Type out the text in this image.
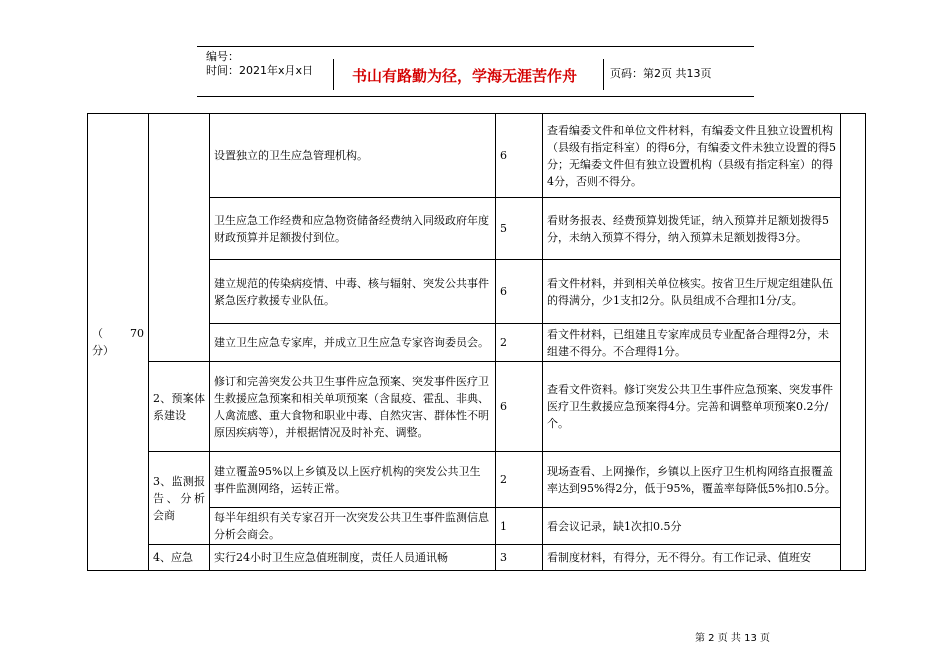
编号：
时间：2021年x月x日	书山有路勤为径，学海无涯苦作舟	页码：第2页 共13页
（　　70分）		设置独立的卫生应急管理机构。	6	查看编委文件和单位文件材料，有编委文件且独立设置机构（县级有指定科室）的得6分，有编委文件未独立设置的得5分；无编委文件但有独立设置机构（县级有指定科室）的得4分，否则不得分。	
		卫生应急工作经费和应急物资储备经费纳入同级政府年度财政预算并足额拨付到位。	5	看财务报表、经费预算划拨凭证，纳入预算并足额划拨得5分，未纳入预算不得分，纳入预算未足额划拨得3分。	
		建立规范的传染病疫情、中毒、核与辐射、突发公共事件紧急医疗救援专业队伍。	6	看文件材料，并到相关单位核实。按省卫生厅规定组建队伍的得满分，少1支扣2分。队员组成不合理扣1分/支。	
		建立卫生应急专家库，并成立卫生应急专家咨询委员会。	2	看文件材料，已组建且专家库成员专业配备合理得2分，未组建不得分。不合理得1分。	
	2、预案体系建设	修订和完善突发公共卫生事件应急预案、突发事件医疗卫生救援应急预案和相关单项预案（含鼠疫、霍乱、非典、人禽流感、重大食物和职业中毒、自然灾害、群体性不明原因疾病等），并根据情况及时补充、调整。	6	查看文件资料。修订突发公共卫生事件应急预案、突发事件医疗卫生救援应急预案得4分。完善和调整单项预案0.2分/个。	
	3、监测报告、分析会商	建立覆盖95%以上乡镇及以上医疗机构的突发公共卫生事件监测网络，运转正常。	2	现场查看、上网操作，乡镇以上医疗卫生机构网络直报覆盖率达到95%得2分，低于95%，覆盖率每降低5%扣0.5分。	
		每半年组织有关专家召开一次突发公共卫生事件监测信息分析会商会。	1	看会议记录，缺1次扣0.5分	
	4、应急	实行24小时卫生应急值班制度，责任人员通讯畅	3	看制度材料，有得分，无不得分。有工作记录、值班安	
第 2 页 共 13 页
